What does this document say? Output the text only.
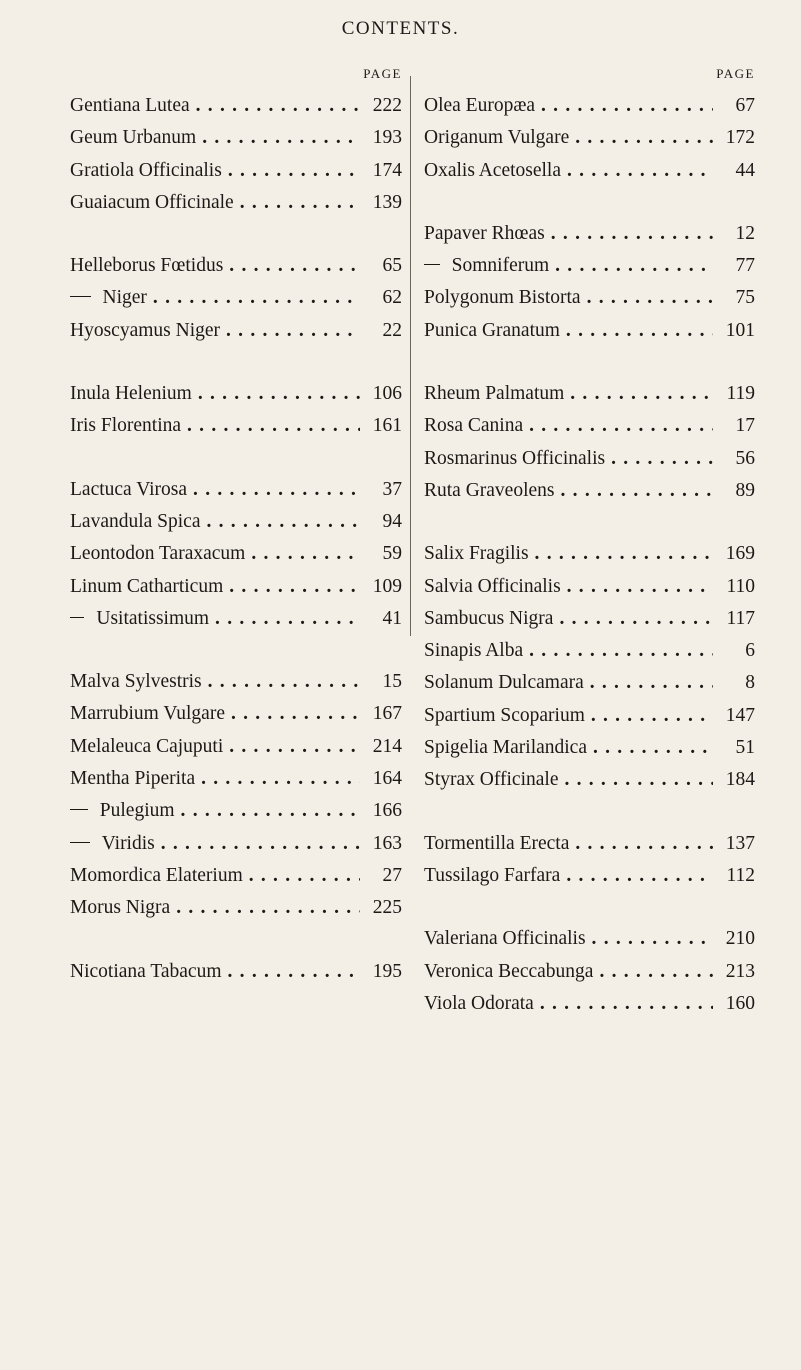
CONTENTS.
PAGE
Gentiana Lutea . . .	222
Geum Urbanum . . .	193
Gratiola Officinalis . . .	174
Guaiacum Officinale . . .	139
Helleborus Fœtidus . . .	65
Niger . . .	62
Hyoscyamus Niger . . .	22
Inula Helenium . . .	106
Iris Florentina . . .	161
Lactuca Virosa . . .	37
Lavandula Spica . . .	94
Leontodon Taraxacum . . .	59
Linum Catharticum . . .	109
Usitatissimum . . .	41
Malva Sylvestris . . .	15
Marrubium Vulgare . . .	167
Melaleuca Cajuputi . . .	214
Mentha Piperita . . .	164
Pulegium . . .	166
Viridis . . .	163
Momordica Elaterium . . .	27
Morus Nigra . . .	225
Nicotiana Tabacum . . .	195
PAGE
Olea Europæa . . .	67
Origanum Vulgare . . .	172
Oxalis Acetosella . . .	44
Papaver Rhœas . . .	12
Somniferum . . .	77
Polygonum Bistorta . . .	75
Punica Granatum . . .	101
Rheum Palmatum . . .	119
Rosa Canina . . .	17
Rosmarinus Officinalis . . .	56
Ruta Graveolens . . .	89
Salix Fragilis . . .	169
Salvia Officinalis . . .	110
Sambucus Nigra . . .	117
Sinapis Alba . . .	6
Solanum Dulcamara . . .	8
Spartium Scoparium . . .	147
Spigelia Marilandica . . .	51
Styrax Officinale . . .	184
Tormentilla Erecta . . .	137
Tussilago Farfara . . .	112
Valeriana Officinalis . . .	210
Veronica Beccabunga . . .	213
Viola Odorata . . .	160
